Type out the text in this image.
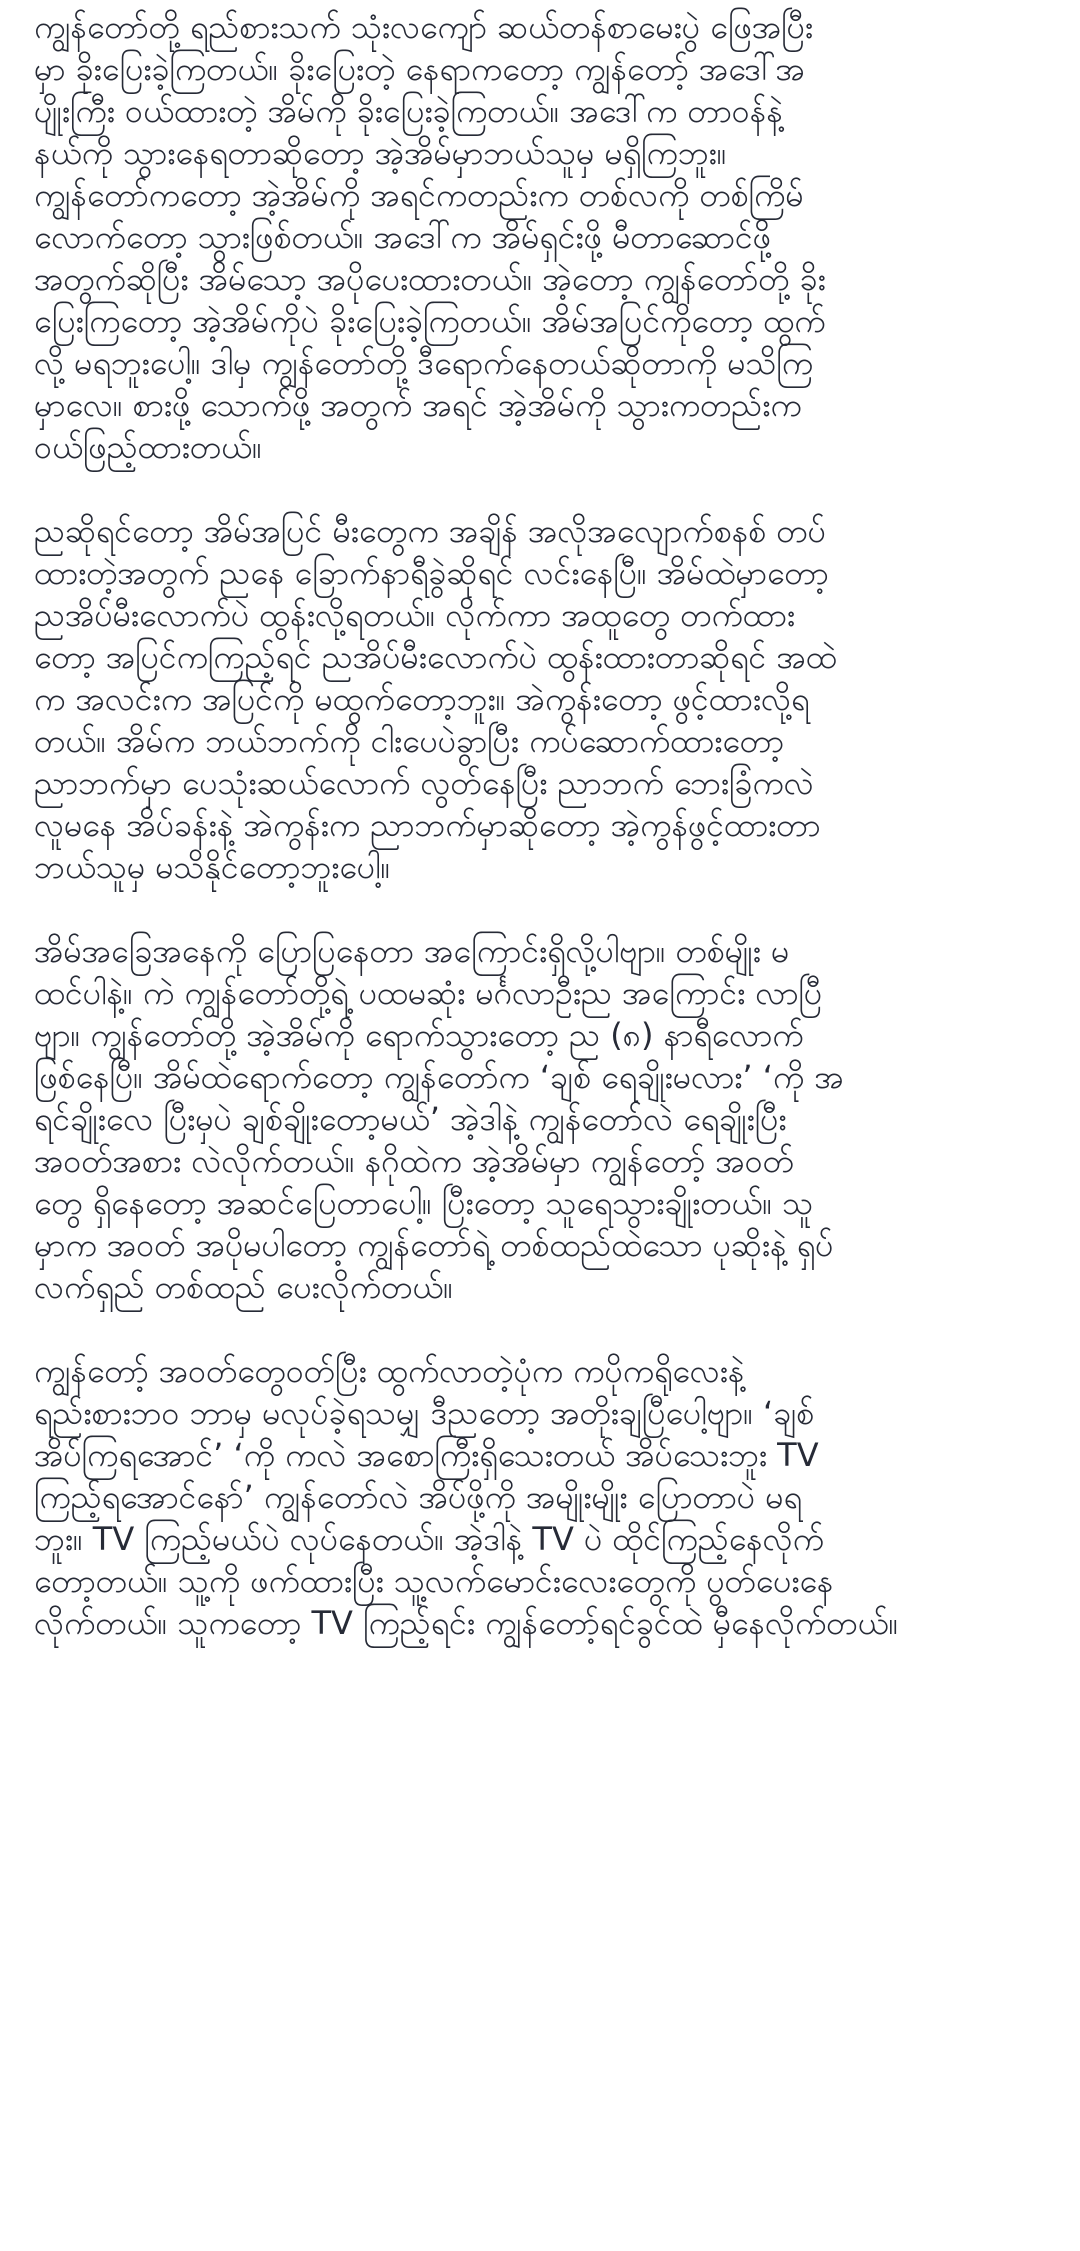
ကျွန်တော်တို့ ရည်စားသက် သုံးလကျော် ဆယ်တန်စာမေးပွဲ ဖြေအပြီး
မှာ ခိုးပြေးခဲ့ကြတယ်။ ခိုးပြေးတဲ့ နေရာကတော့ ကျွန်တော့် အဒေါ်အ
ပျိုးကြီး ဝယ်ထားတဲ့ အိမ်ကို ခိုးပြေးခဲ့ကြတယ်။ အဒေါ်က တာဝန်နဲ့
နယ်ကို သွားနေရတာဆိုတော့ အဲ့အိမ်မှာဘယ်သူမှ မရှိကြဘူး။
ကျွန်တော်ကတော့ အဲ့အိမ်ကို အရင်ကတည်းက တစ်လကို တစ်ကြိမ်
လောက်တော့ သွားဖြစ်တယ်။ အဒေါ်က အိမ်ရှင်းဖို့ မီတာဆောင်ဖို့
အတွက်ဆိုပြီး အိမ်သော့ အပိုပေးထားတယ်။ အဲ့တော့ ကျွန်တော်တို့ ခိုး
ပြေးကြတော့ အဲ့အိမ်ကိုပဲ ခိုးပြေးခဲ့ကြတယ်။ အိမ်အပြင်ကိုတော့ ထွက်
လို့ မရဘူးပေါ့။ ဒါမှ ကျွန်တော်တို့ ဒီရောက်နေတယ်ဆိုတာကို မသိကြ
မှာလေ။ စားဖို့ သောက်ဖို့ အတွက် အရင် အဲ့အိမ်ကို သွားကတည်းက
ဝယ်ဖြည့်ထားတယ်။

ညဆိုရင်တော့ အိမ်အပြင် မီးတွေက အချိန် အလိုအလျောက်စနစ် တပ်
ထားတဲ့အတွက် ညနေ ခြောက်နာရီခွဲဆိုရင် လင်းနေပြီ။ အိမ်ထဲမှာတော့
ညအိပ်မီးလောက်ပဲ ထွန်းလို့ရတယ်။ လိုက်ကာ အထူတွေ တက်ထား
တော့ အပြင်ကကြည့်ရင် ညအိပ်မီးလောက်ပဲ ထွန်းထားတာဆိုရင် အထဲ
က အလင်းက အပြင်ကို မထွက်တော့ဘူး။ အဲကွန်းတော့ ဖွင့်ထားလို့ရ
တယ်။ အိမ်က ဘယ်ဘက်ကို ငါးပေပဲခွာပြီး ကပ်ဆောက်ထားတော့
ညာဘက်မှာ ပေသုံးဆယ်လောက် လွတ်နေပြီး ညာဘက် ဘေးခြံကလဲ
လူမနေ အိပ်ခန်းနဲ့ အဲကွန်းက ညာဘက်မှာဆိုတော့ အဲ့ကွန်ဖွင့်ထားတာ
ဘယ်သူမှ မသိနိုင်တော့ဘူးပေါ့။

အိမ်အခြေအနေကို ပြောပြနေတာ အကြောင်းရှိလို့ပါဗျာ။ တစ်မျိုး မ
ထင်ပါနဲ့။ ကဲ ကျွန်တော်တို့ရဲ့ ပထမဆုံး မင်္ဂလာဦးည အကြောင်း လာပြီ
ဗျာ။ ကျွန်တော်တို့ အဲ့အိမ်ကို ရောက်သွားတော့ ည (၈) နာရီလောက်
ဖြစ်နေပြီ။ အိမ်ထဲရောက်တော့ ကျွန်တော်က ‘ချစ် ရေချိုးမလား’ ‘ကို အ
ရင်ချိုးလေ ပြီးမှပဲ ချစ်ချိုးတော့မယ်’ အဲ့ဒါနဲ့ ကျွန်တော်လဲ ရေချိုးပြီး
အဝတ်အစား လဲလိုက်တယ်။ နဂိုထဲက အဲ့အိမ်မှာ ကျွန်တော့် အဝတ်
တွေ ရှိနေတော့ အဆင်ပြေတာပေါ့။ ပြီးတော့ သူရေသွားချိုးတယ်။ သူ
မှာက အဝတ် အပိုမပါတော့ ကျွန်တော်ရဲ့ တစ်ထည်ထဲသော ပုဆိုးနဲ့ ရှပ်
လက်ရှည် တစ်ထည် ပေးလိုက်တယ်။

ကျွန်တော့် အဝတ်တွေဝတ်ပြီး ထွက်လာတဲ့ပုံက ကပိုကရိုလေးနဲ့
ရည်းစားဘဝ ဘာမှ မလုပ်ခဲ့ရသမျှ ဒီညတော့ အတိုးချပြီပေါ့ဗျာ။ ‘ချစ်
အိပ်ကြရအောင်’ ‘ကို ကလဲ အစောကြီးရှိသေးတယ် အိပ်သေးဘူး TV
ကြည့်ရအောင်နော်’ ကျွန်တော်လဲ အိပ်ဖို့ကို အမျိုးမျိုး ပြောတာပဲ မရ
ဘူး။ TV ကြည့်မယ်ပဲ လုပ်နေတယ်။ အဲ့ဒါနဲ့ TV ပဲ ထိုင်ကြည့်နေလိုက်
တော့တယ်။ သူ့ကို ဖက်ထားပြီး သူ့လက်မောင်းလေးတွေကို ပွတ်ပေးနေ
လိုက်တယ်။ သူကတော့ TV ကြည့်ရင်း ကျွန်တော့်ရင်ခွင်ထဲ မှီနေလိုက်တယ်။
